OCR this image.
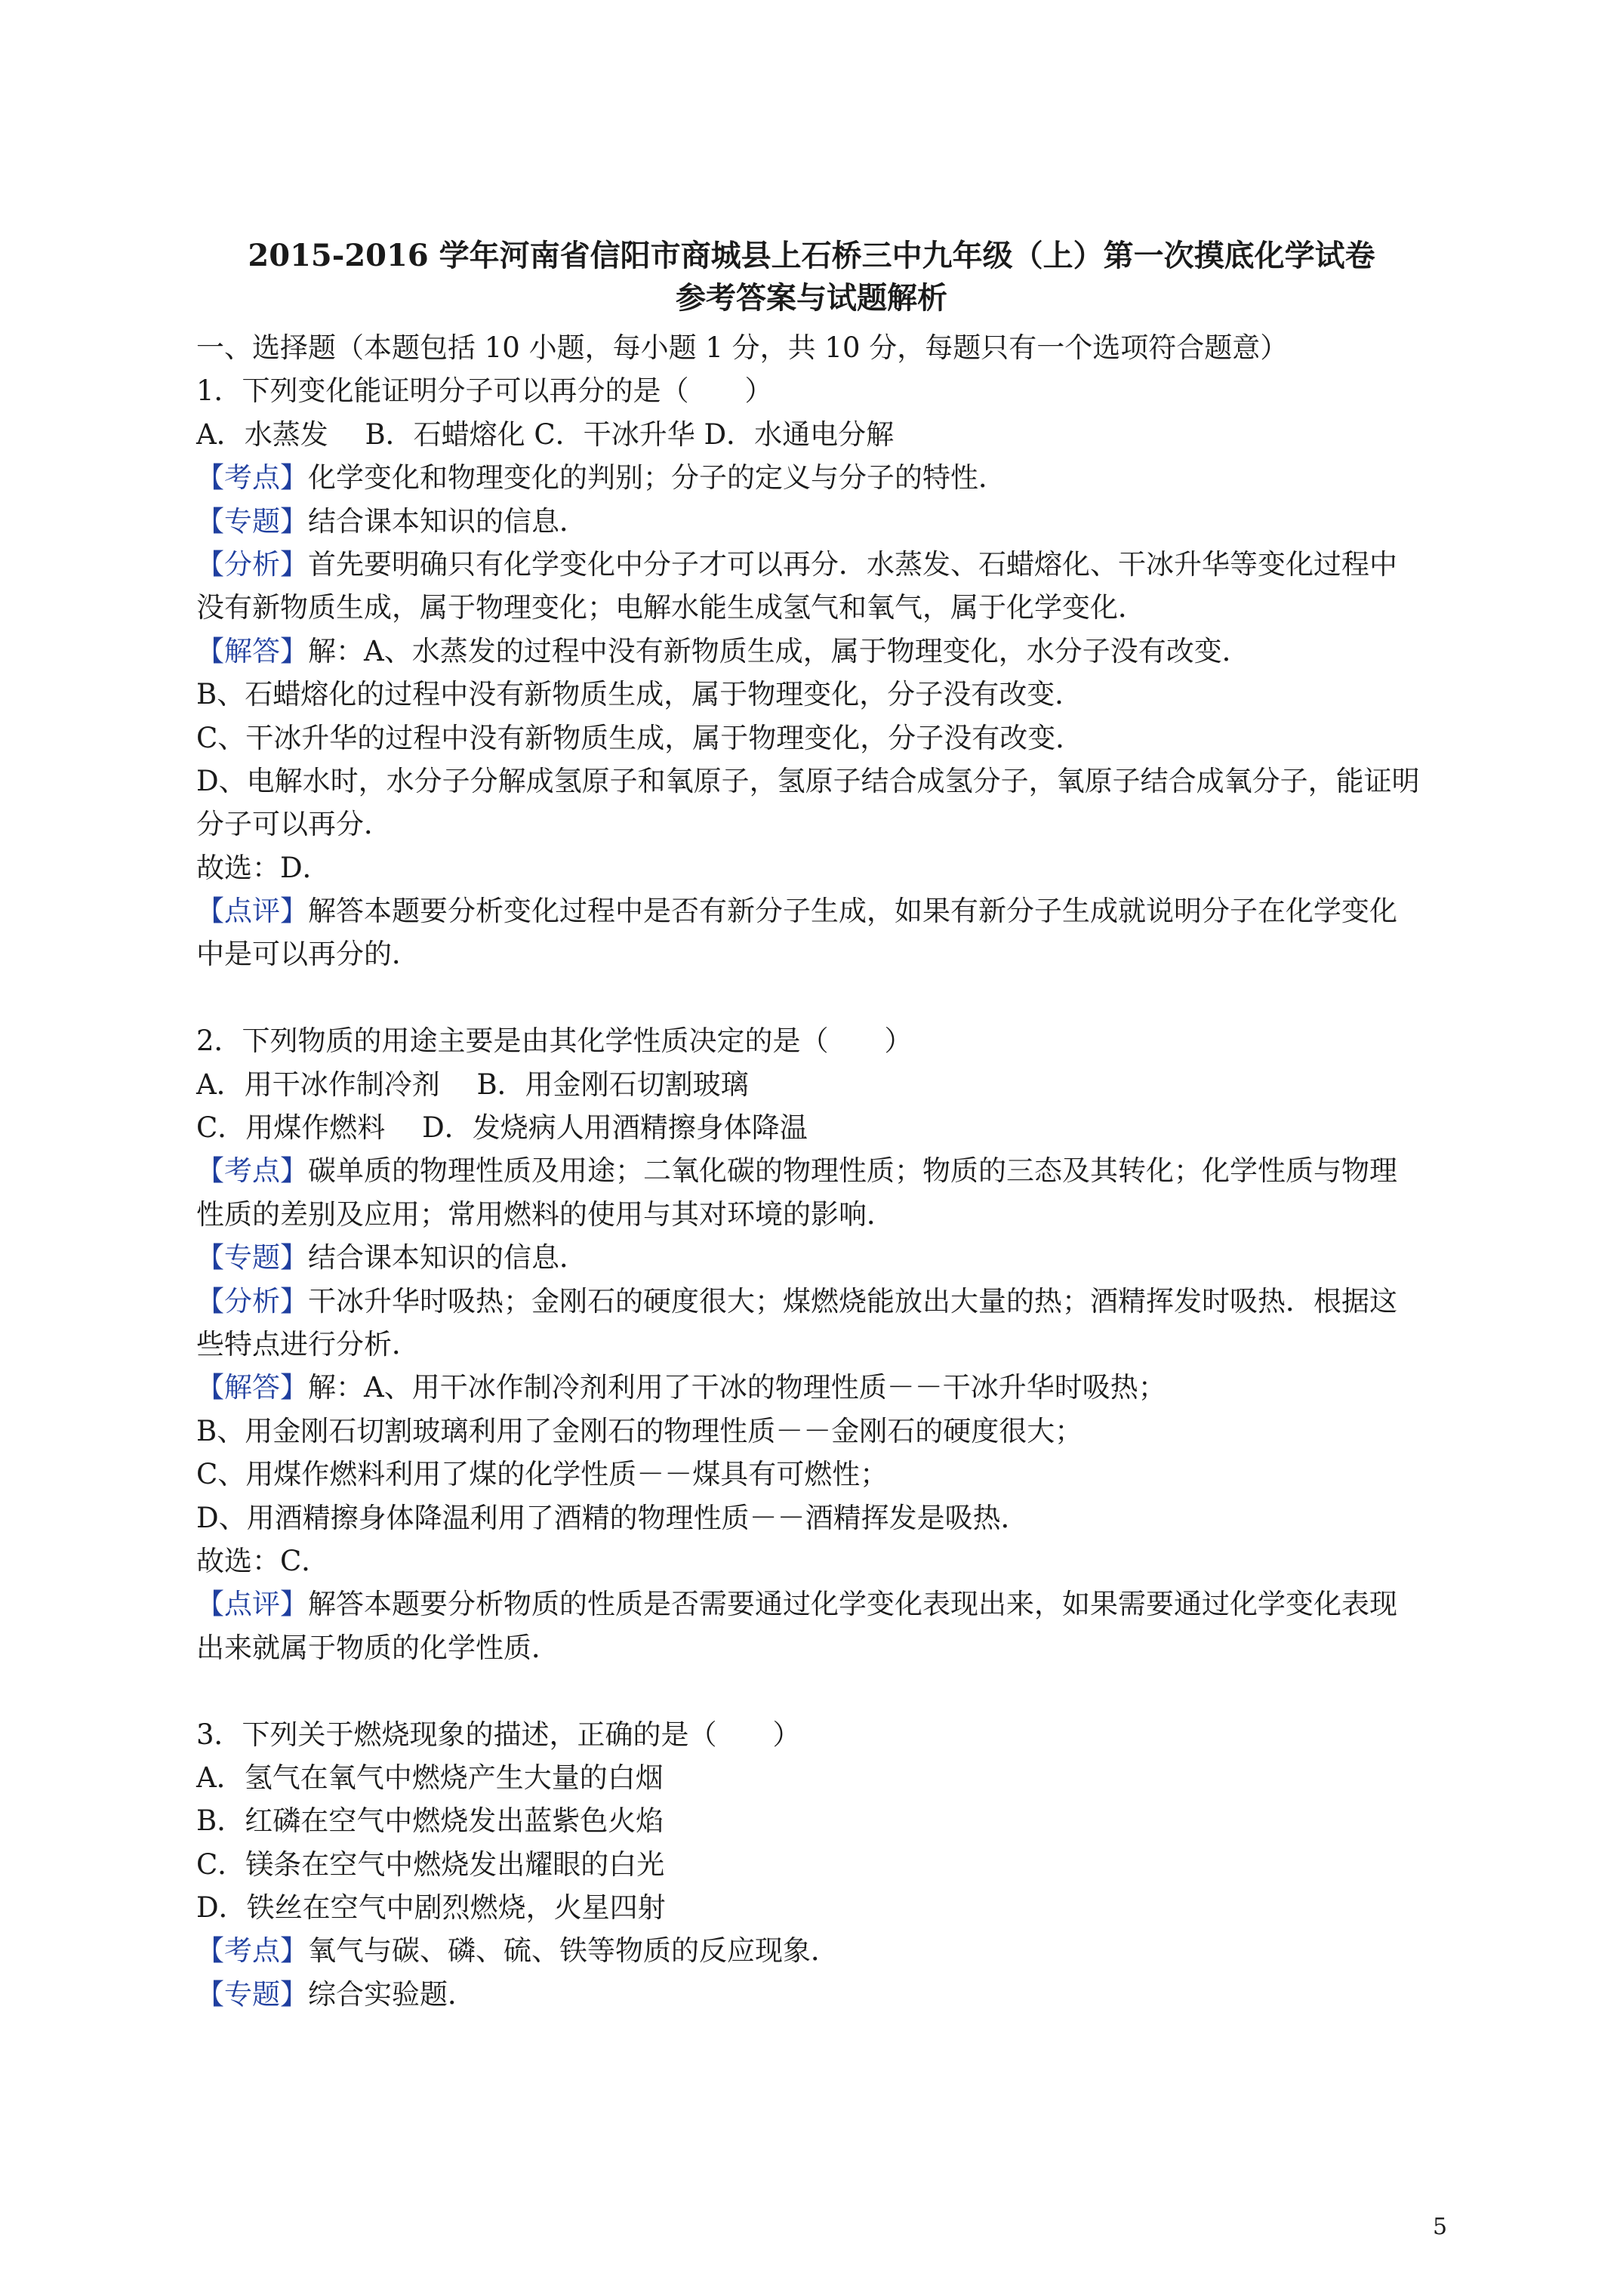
2015-2016 学年河南省信阳市商城县上石桥三中九年级（上）第一次摸底化学试卷
参考答案与试题解析
一、选择题（本题包括 10 小题，每小题 1 分，共 10 分，每题只有一个选项符合题意）
1．下列变化能证明分子可以再分的是（　　）
A．水蒸发　 B．石蜡熔化 C．干冰升华 D．水通电分解
【考点】化学变化和物理变化的判别；分子的定义与分子的特性．
【专题】结合课本知识的信息．
【分析】首先要明确只有化学变化中分子才可以再分．水蒸发、石蜡熔化、干冰升华等变化过程中
没有新物质生成，属于物理变化；电解水能生成氢气和氧气，属于化学变化．
【解答】解：A、水蒸发的过程中没有新物质生成，属于物理变化，水分子没有改变．
B、石蜡熔化的过程中没有新物质生成，属于物理变化，分子没有改变．
C、干冰升华的过程中没有新物质生成，属于物理变化，分子没有改变．
D、电解水时，水分子分解成氢原子和氧原子，氢原子结合成氢分子，氧原子结合成氧分子，能证明
分子可以再分．
故选：D．
【点评】解答本题要分析变化过程中是否有新分子生成，如果有新分子生成就说明分子在化学变化
中是可以再分的．
2．下列物质的用途主要是由其化学性质决定的是（　　）
A．用干冰作制冷剂　 B．用金刚石切割玻璃
C．用煤作燃料　 D．发烧病人用酒精擦身体降温
【考点】碳单质的物理性质及用途；二氧化碳的物理性质；物质的三态及其转化；化学性质与物理
性质的差别及应用；常用燃料的使用与其对环境的影响．
【专题】结合课本知识的信息．
【分析】干冰升华时吸热；金刚石的硬度很大；煤燃烧能放出大量的热；酒精挥发时吸热．根据这
些特点进行分析．
【解答】解：A、用干冰作制冷剂利用了干冰的物理性质－－干冰升华时吸热；
B、用金刚石切割玻璃利用了金刚石的物理性质－－金刚石的硬度很大；
C、用煤作燃料利用了煤的化学性质－－煤具有可燃性；
D、用酒精擦身体降温利用了酒精的物理性质－－酒精挥发是吸热．
故选：C．
【点评】解答本题要分析物质的性质是否需要通过化学变化表现出来，如果需要通过化学变化表现
出来就属于物质的化学性质．
3．下列关于燃烧现象的描述，正确的是（　　）
A．氢气在氧气中燃烧产生大量的白烟
B．红磷在空气中燃烧发出蓝紫色火焰
C．镁条在空气中燃烧发出耀眼的白光
D．铁丝在空气中剧烈燃烧，火星四射
【考点】氧气与碳、磷、硫、铁等物质的反应现象．
【专题】综合实验题．
5
